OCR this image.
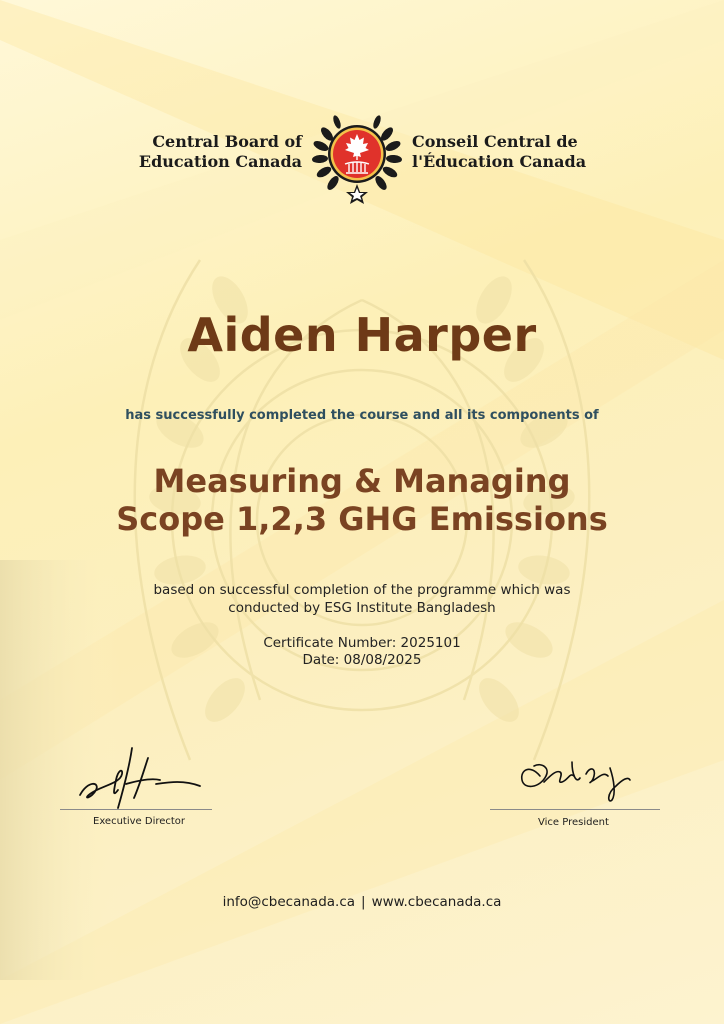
Central Board of
Education Canada
Conseil Central de
l'Éducation Canada
Aiden Harper
has successfully completed the course and all its components of
Measuring & Managing
Scope 1,2,3 GHG Emissions
based on successful completion of the programme which was
conducted by ESG Institute Bangladesh
Certificate Number: 2025101
Date: 08/08/2025
Executive Director	Vice President
info@cbecanada.ca | www.cbecanada.ca
